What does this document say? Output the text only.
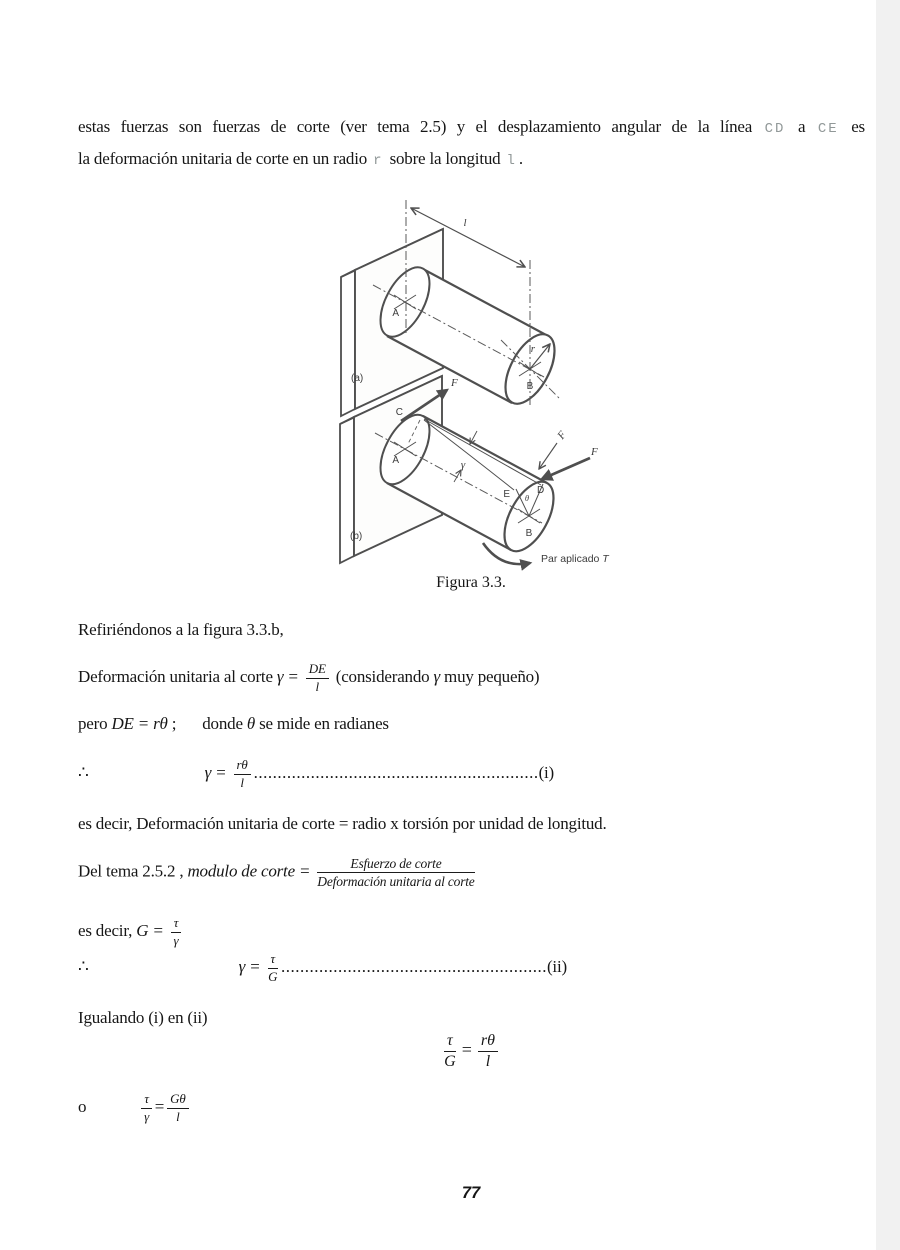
estas fuerzas son fuerzas de corte (ver tema 2.5) y el desplazamiento angular de la línea CD a CE es
la deformación unitaria de corte en un radio r sobre la longitud l .
l
r
A
B
(a)
γ
F
F
F
C
A
E	D
θ
B
Par aplicado T
(b)
Figura 3.3.
Refiriéndonos a la figura 3.3.b,
Deformación unitaria al corte $\gamma = \frac{DE}{l}$ (considerando γ muy pequeño)
pero DE = rθ ; donde θ se mide en radianes
∴	$\gamma = \frac{r\theta}{l} ............................................................(i)$
es decir, Deformación unitaria de corte = radio x torsión por unidad de longitud.
Del tema 2.5.2 , modulo de corte = $\frac{\text{Esfuerzo de corte}}{\text{Deformación unitaria al corte}}$
es decir, $G = \frac{\tau}{\gamma}$
∴	$\gamma = \frac{\tau}{G} ........................................................(ii)$
Igualando (i) en (ii)
$\frac{\tau}{G} = \frac{r\theta}{l}$
o	$\frac{\tau}{\gamma} = \frac{G\theta}{l}$
77
